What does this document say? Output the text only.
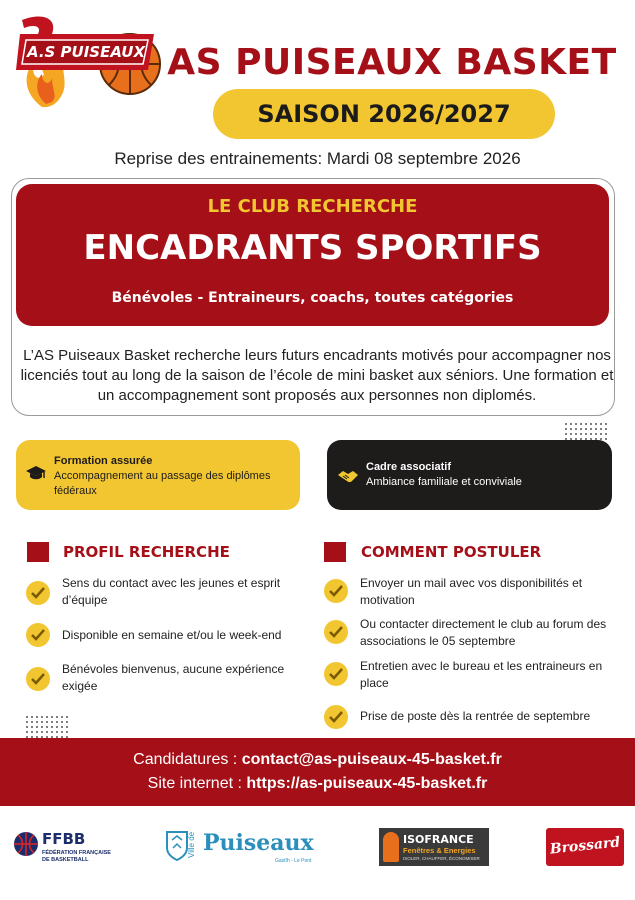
A.S PUISEAUX AS PUISEAUX BASKET
SAISON 2026/2027
Reprise des entrainements: Mardi 08 septembre 2026
LE CLUB RECHERCHE
ENCADRANTS SPORTIFS
Bénévoles - Entraineurs, coachs, toutes catégories
L’AS Puiseaux Basket recherche leurs futurs encadrants motivés pour accompagner nos licenciés tout au long de la saison de l’école de mini basket aux séniors. Une formation et un accompagnement sont proposés aux personnes non diplomés.
Formation assurée
Accompagnement au passage des diplômes fédéraux
Cadre associatif
Ambiance familiale et conviviale
PROFIL RECHERCHE
Sens du contact avec les jeunes et esprit d’équipe
Disponible en semaine et/ou le week-end
Bénévoles bienvenus, aucune expérience exigée
COMMENT POSTULER
Envoyer un mail avec vos disponibilités et motivation
Ou contacter directement le club au forum des associations le 05 septembre
Entretien avec le bureau et les entraineurs en place
Prise de poste dès la rentrée de septembre
Candidatures : contact@as-puiseaux-45-basket.fr
Site internet : https://as-puiseaux-45-basket.fr
FFBB
FÉDÉRATION FRANÇAISE
DE BASKETBALL
Ville de Puiseaux
Gastîh - Le Pont
ISOFRANCE
Fenêtres & Energies
ISOLER, CHAUFFER, ÉCONOMISER
Brossard
